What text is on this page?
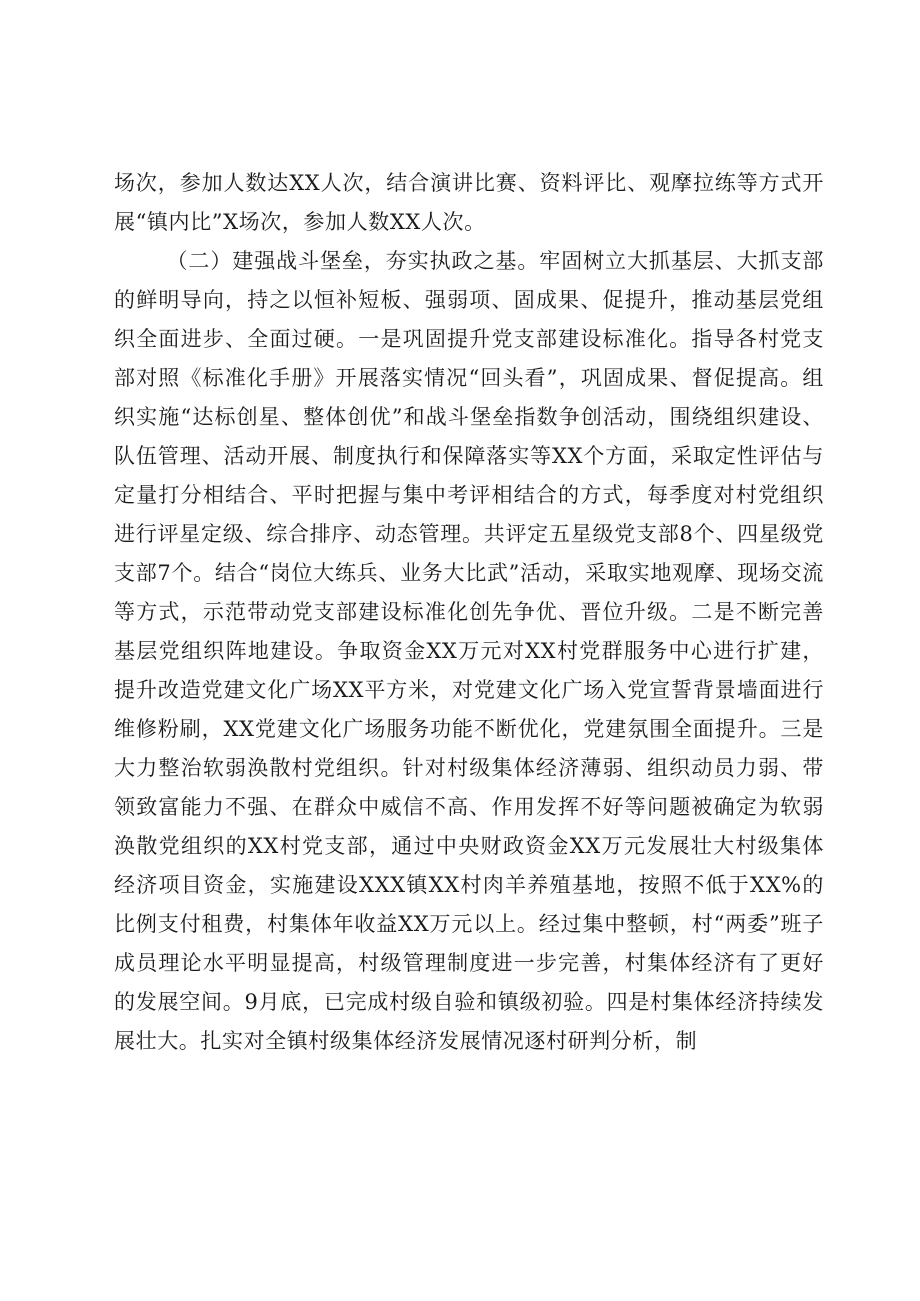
场次，参加人数达XX人次，结合演讲比赛、资料评比、观摩拉练等方式开展“镇内比”X场次，参加人数XX人次。

（二）建强战斗堡垒，夯实执政之基。牢固树立大抓基层、大抓支部的鲜明导向，持之以恒补短板、强弱项、固成果、促提升，推动基层党组织全面进步、全面过硬。一是巩固提升党支部建设标准化。指导各村党支部对照《标准化手册》开展落实情况“回头看”，巩固成果、督促提高。组织实施“达标创星、整体创优”和战斗堡垒指数争创活动，围绕组织建设、队伍管理、活动开展、制度执行和保障落实等XX个方面，采取定性评估与定量打分相结合、平时把握与集中考评相结合的方式，每季度对村党组织进行评星定级、综合排序、动态管理。共评定五星级党支部8个、四星级党支部7个。结合“岗位大练兵、业务大比武”活动，采取实地观摩、现场交流等方式，示范带动党支部建设标准化创先争优、晋位升级。二是不断完善基层党组织阵地建设。争取资金XX万元对XX村党群服务中心进行扩建，提升改造党建文化广场XX平方米，对党建文化广场入党宣誓背景墙面进行维修粉刷，XX党建文化广场服务功能不断优化，党建氛围全面提升。三是大力整治软弱涣散村党组织。针对村级集体经济薄弱、组织动员力弱、带领致富能力不强、在群众中威信不高、作用发挥不好等问题被确定为软弱涣散党组织的XX村党支部，通过中央财政资金XX万元发展壮大村级集体经济项目资金，实施建设XXX镇XX村肉羊养殖基地，按照不低于XX%的比例支付租费，村集体年收益XX万元以上。经过集中整顿，村“两委”班子成员理论水平明显提高，村级管理制度进一步完善，村集体经济有了更好的发展空间。9月底，已完成村级自验和镇级初验。四是村集体经济持续发展壮大。扎实对全镇村级集体经济发展情况逐村研判分析，制
